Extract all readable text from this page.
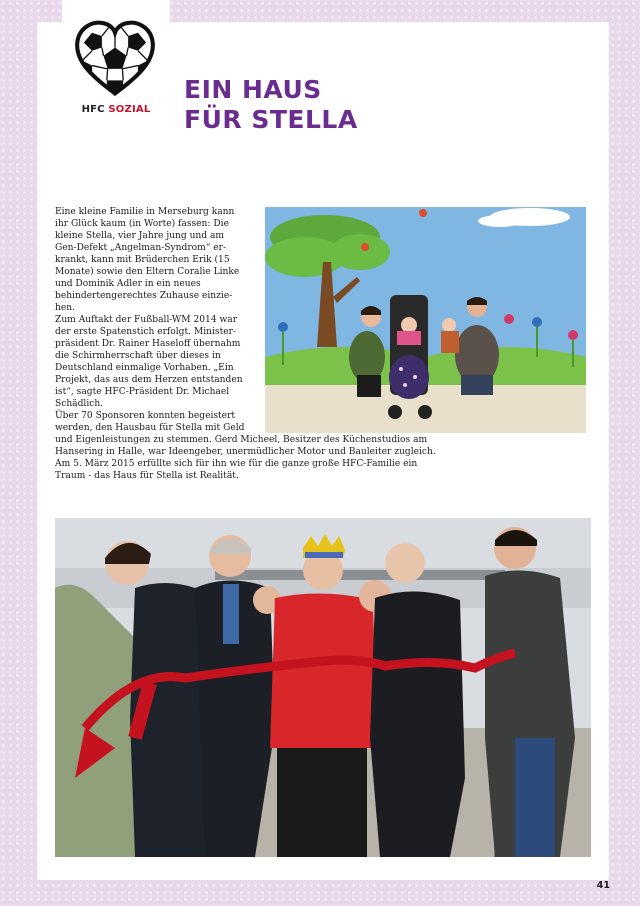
HFC SOZIAL
EIN HAUS
FÜR STELLA

Eine kleine Familie in Merseburg kann
ihr Glück kaum (in Worte) fassen: Die
kleine Stella, vier Jahre jung und am
Gen-Defekt „Angelman-Syndrom“ er-
krankt, kann mit Brüderchen Erik (15
Monate) sowie den Eltern Coralie Linke
und Dominik Adler in ein neues
behindertengerechtes Zuhause einzie-
hen.
Zum Auftakt der Fußball-WM 2014 war
der erste Spatenstich erfolgt. Minister-
präsident Dr. Rainer Haseloff übernahm
die Schirmherrschaft über dieses in
Deutschland einmalige Vorhaben. „Ein
Projekt, das aus dem Herzen entstanden
ist“, sagte HFC-Präsident Dr. Michael
Schädlich.

Über 70 Sponsoren konnten begeistert
werden, den Hausbau für Stella mit Geld
und Eigenleistungen zu stemmen. Gerd Micheel, Besitzer des Küchenstudios am
Hansering in Halle, war Ideengeber, unermüdlicher Motor und Bauleiter zugleich.
Am 5. März 2015 erfüllte sich für ihn wie für die ganze große HFC-Familie ein
Traum - das Haus für Stella ist Realität.

41
